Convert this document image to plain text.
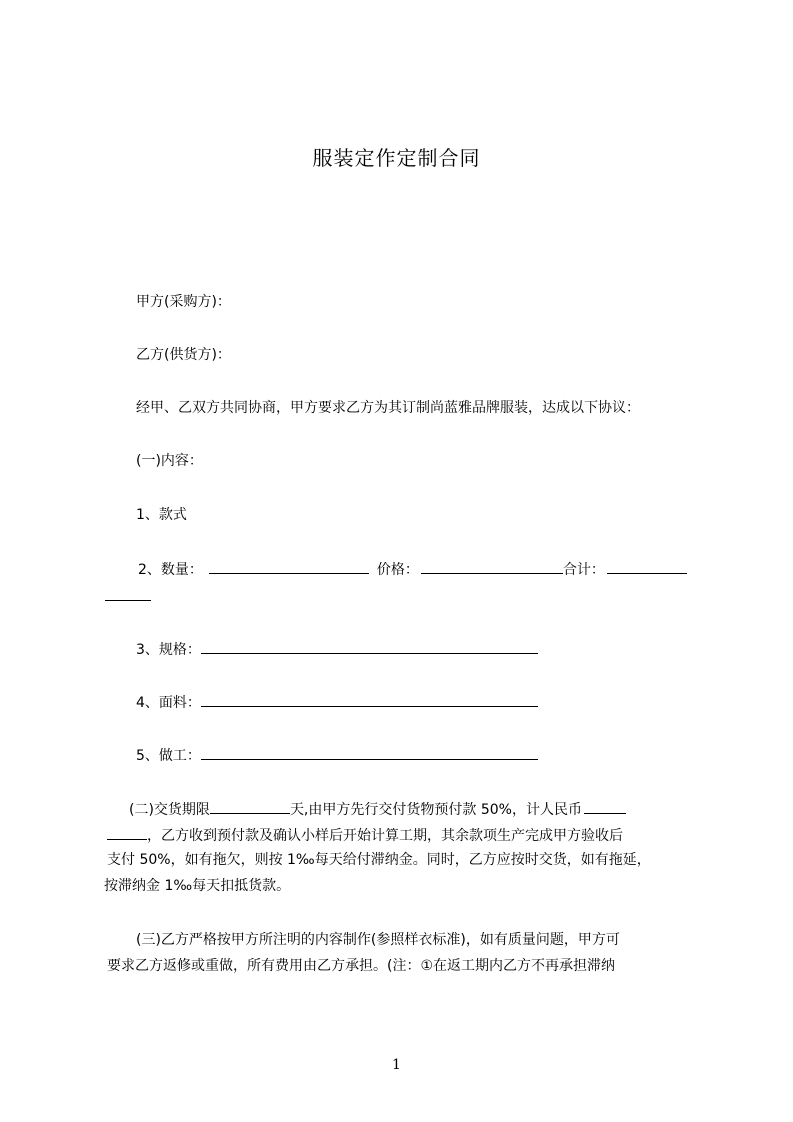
服装定作定制合同
甲方(采购方)：
乙方(供货方)：
经甲、乙双方共同协商，甲方要求乙方为其订制尚蓝雅品牌服装，达成以下协议：
(一)内容：
1、款式
2、数量：	价格：	合计：
3、规格：
4、面料：
5、做工：
(二)交货期限	天,由甲方先行交付货物预付款 50%，计人民币
，乙方收到预付款及确认小样后开始计算工期，其余款项生产完成甲方验收后
支付 50%，如有拖欠，则按 1‰每天给付滞纳金。同时，乙方应按时交货，如有拖延，
按滞纳金 1‰每天扣抵货款。
(三)乙方严格按甲方所注明的内容制作(参照样衣标准)，如有质量问题，甲方可
要求乙方返修或重做，所有费用由乙方承担。(注：①在返工期内乙方不再承担滞纳
1
